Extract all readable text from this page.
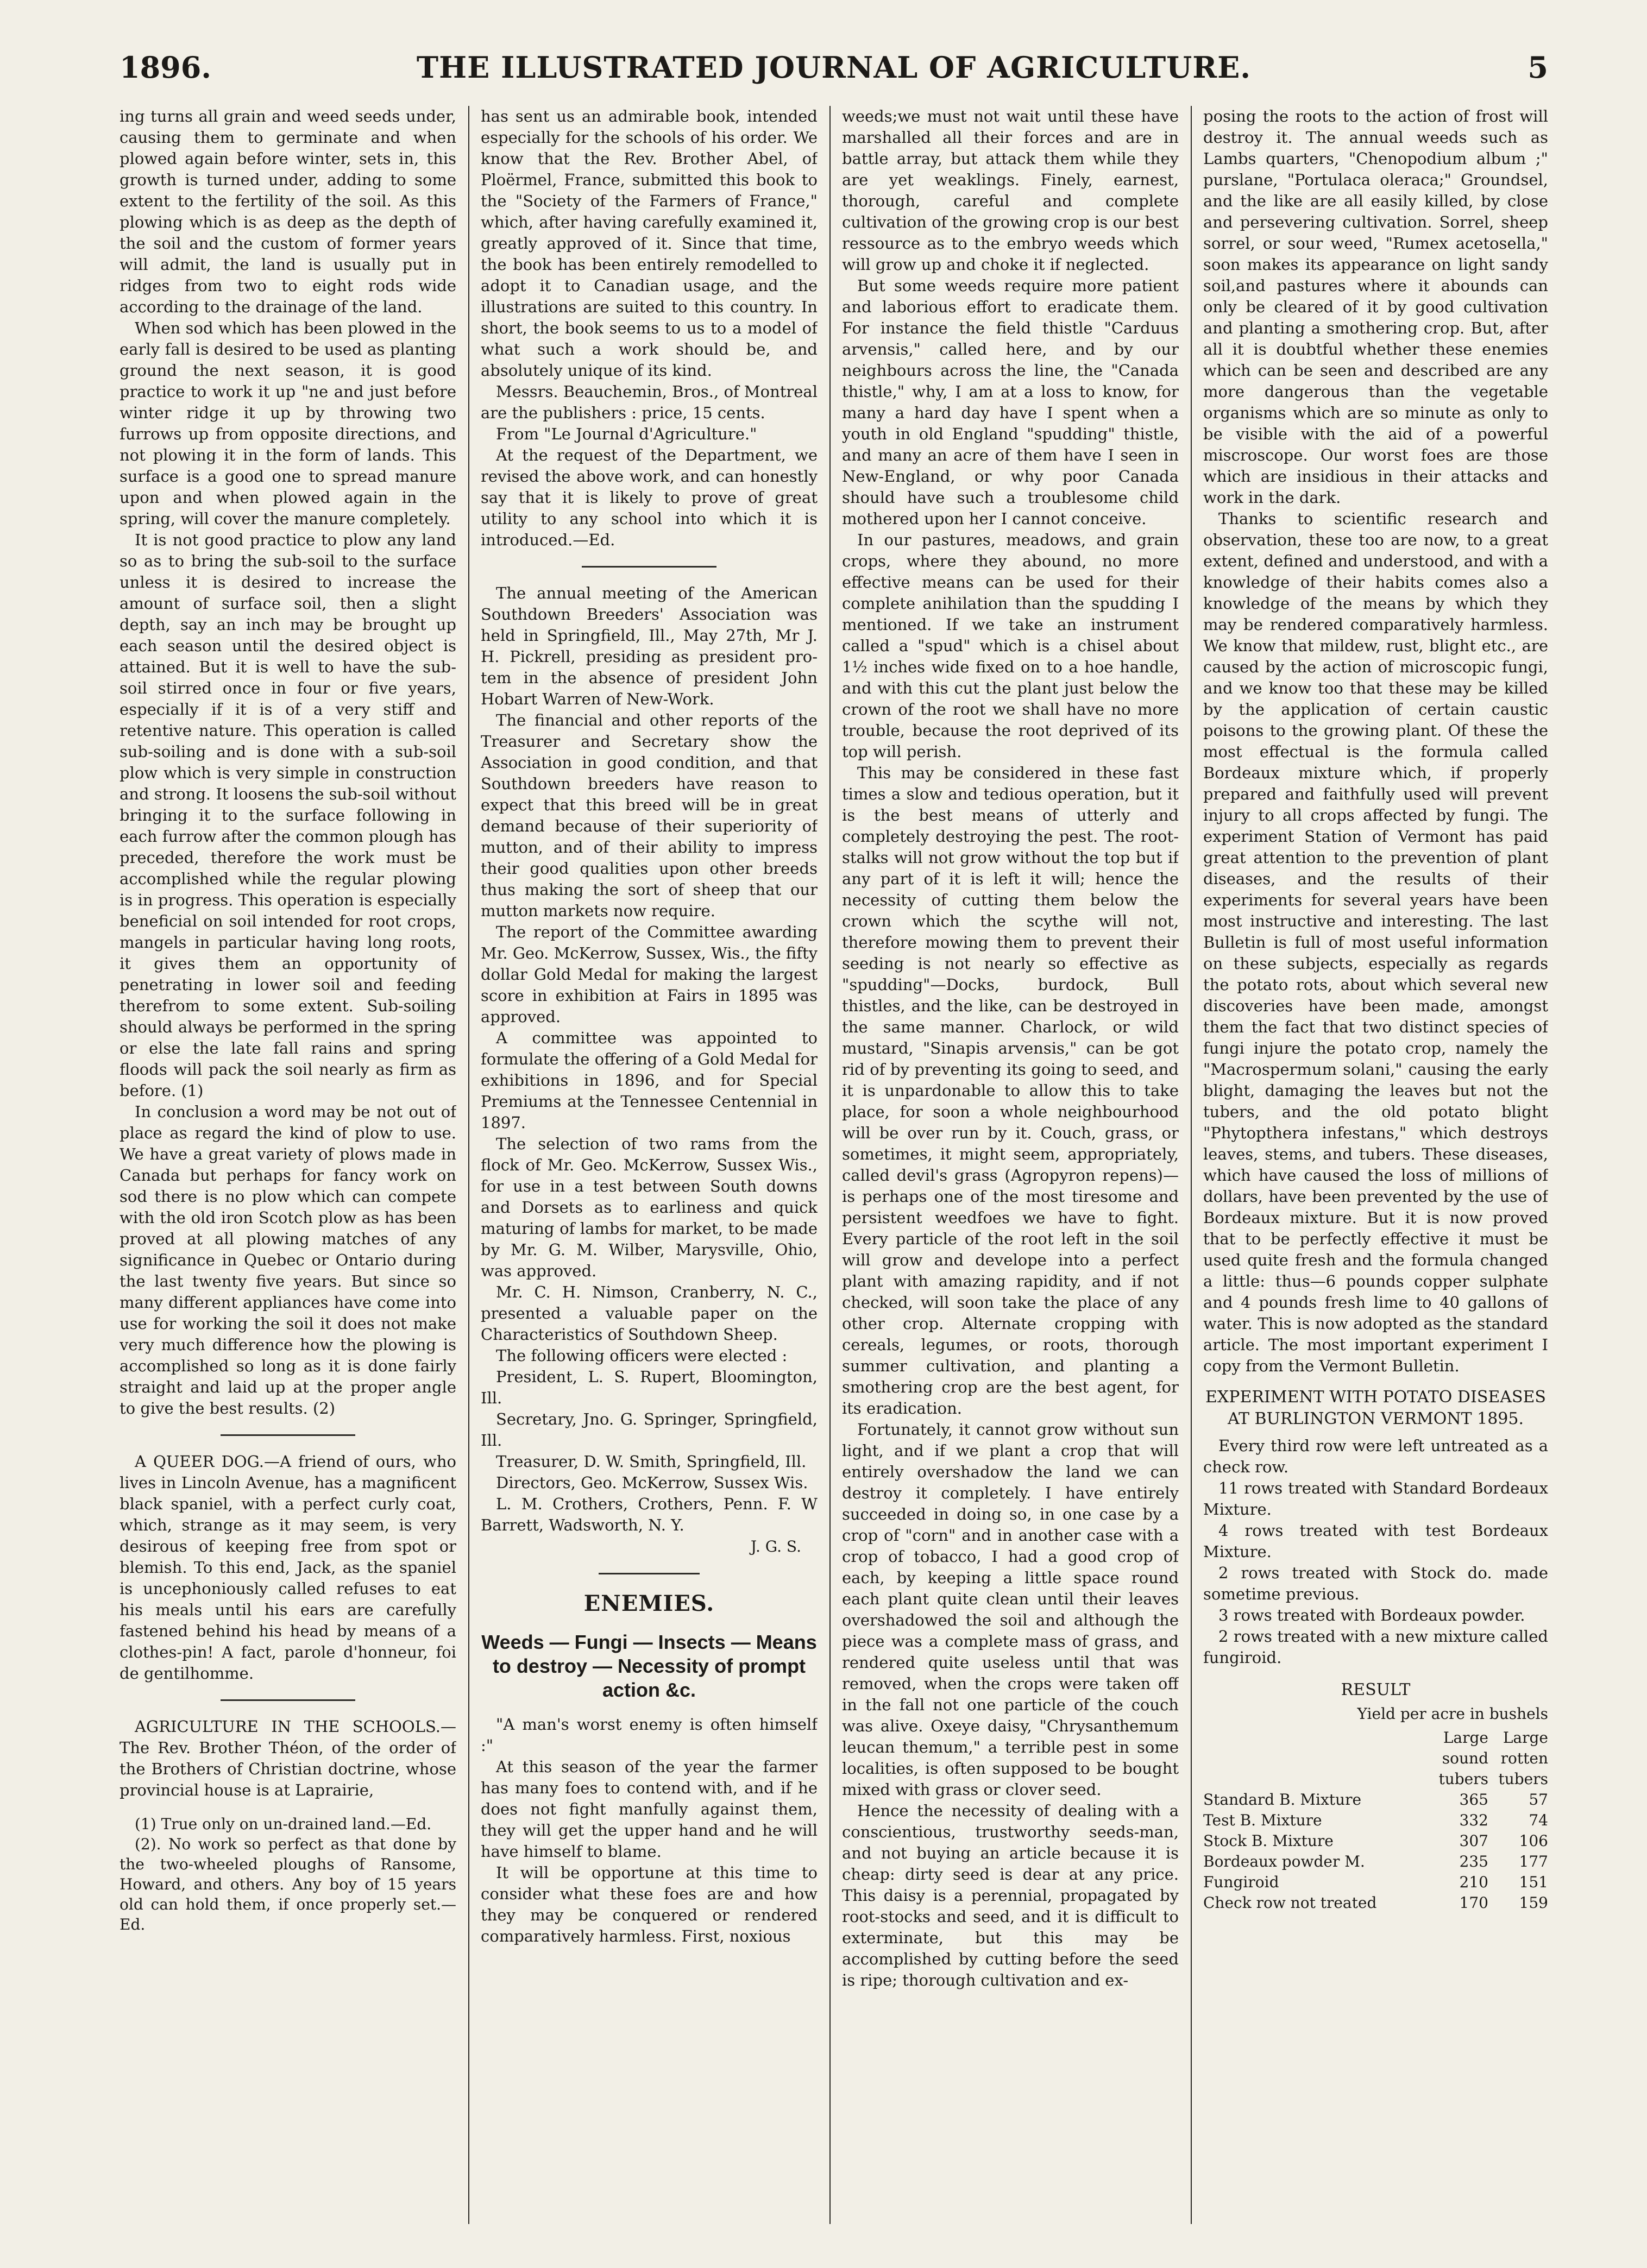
1896.	THE ILLUSTRATED JOURNAL OF AGRICULTURE.	5

ing turns all grain and weed seeds under, causing them to germinate and when plowed again before winter, sets in, this growth is turned under, adding to some extent to the fertility of the soil. As this plowing which is as deep as the depth of the soil and the custom of former years will admit, the land is usually put in ridges from two to eight rods wide according to the drainage of the land.

When sod which has been plowed in the early fall is desired to be used as planting ground the next season, it is good practice to work it up "ne and just before winter ridge it up by throwing two furrows up from opposite directions, and not plowing it in the form of lands. This surface is a good one to spread manure upon and when plowed again in the spring, will cover the manure completely.

It is not good practice to plow any land so as to bring the sub-soil to the surface unless it is desired to increase the amount of surface soil, then a slight depth, say an inch may be brought up each season until the desired object is attained. But it is well to have the sub-soil stirred once in four or five years, especially if it is of a very stiff and retentive nature. This operation is called sub-soiling and is done with a sub-soil plow which is very simple in construction and strong. It loosens the sub-soil without bringing it to the surface following in each furrow after the common plough has preceded, therefore the work must be accomplished while the regular plowing is in progress. This operation is especially beneficial on soil intended for root crops, mangels in particular having long roots, it gives them an opportunity of penetrating in lower soil and feeding therefrom to some extent. Sub-soiling should always be performed in the spring or else the late fall rains and spring floods will pack the soil nearly as firm as before. (1)

In conclusion a word may be not out of place as regard the kind of plow to use. We have a great variety of plows made in Canada but perhaps for fancy work on sod there is no plow which can compete with the old iron Scotch plow as has been proved at all plowing matches of any significance in Quebec or Ontario during the last twenty five years. But since so many different appliances have come into use for working the soil it does not make very much difference how the plowing is accomplished so long as it is done fairly straight and laid up at the proper angle to give the best results. (2)

A QUEER DOG.—A friend of ours, who lives in Lincoln Avenue, has a magnificent black spaniel, with a perfect curly coat, which, strange as it may seem, is very desirous of keeping free from spot or blemish. To this end, Jack, as the spaniel is uncephoniously called refuses to eat his meals until his ears are carefully fastened behind his head by means of a clothes-pin! A fact, parole d'honneur, foi de gentilhomme.

AGRICULTURE IN THE SCHOOLS.—The Rev. Brother Théon, of the order of the Brothers of Christian doctrine, whose provincial house is at Laprairie,

(1) True only on un-drained land.—Ed.

(2). No work so perfect as that done by the two-wheeled ploughs of Ransome, Howard, and others. Any boy of 15 years old can hold them, if once properly set.—Ed.

has sent us an admirable book, intended especially for the schools of his order. We know that the Rev. Brother Abel, of Ploërmel, France, submitted this book to the "Society of the Farmers of France," which, after having carefully examined it, greatly approved of it. Since that time, the book has been entirely remodelled to adopt it to Canadian usage, and the illustrations are suited to this country. In short, the book seems to us to a model of what such a work should be, and absolutely unique of its kind.

Messrs. Beauchemin, Bros., of Montreal are the publishers : price, 15 cents.

From "Le Journal d'Agriculture."

At the request of the Department, we revised the above work, and can honestly say that it is likely to prove of great utility to any school into which it is introduced.—Ed.

The annual meeting of the American Southdown Breeders' Association was held in Springfield, Ill., May 27th, Mr J. H. Pickrell, presiding as president pro-tem in the absence of president John Hobart Warren of New-Work.

The financial and other reports of the Treasurer and Secretary show the Association in good condition, and that Southdown breeders have reason to expect that this breed will be in great demand because of their superiority of mutton, and of their ability to impress their good qualities upon other breeds thus making the sort of sheep that our mutton markets now require.

The report of the Committee awarding Mr. Geo. McKerrow, Sussex, Wis., the fifty dollar Gold Medal for making the largest score in exhibition at Fairs in 1895 was approved.

A committee was appointed to formulate the offering of a Gold Medal for exhibitions in 1896, and for Special Premiums at the Tennessee Centennial in 1897.

The selection of two rams from the flock of Mr. Geo. McKerrow, Sussex Wis., for use in a test between South downs and Dorsets as to earliness and quick maturing of lambs for market, to be made by Mr. G. M. Wilber, Marysville, Ohio, was approved.

Mr. C. H. Nimson, Cranberry, N. C., presented a valuable paper on the Characteristics of Southdown Sheep.

The following officers were elected :

President, L. S. Rupert, Bloomington, Ill.

Secretary, Jno. G. Springer, Springfield, Ill.

Treasurer, D. W. Smith, Springfield, Ill.

Directors, Geo. McKerrow, Sussex Wis.

L. M. Crothers, Crothers, Penn. F. W Barrett, Wadsworth, N. Y.

J. G. S.
ENEMIES.
Weeds — Fungi — Insects — Means to destroy — Necessity of prompt action &c.

"A man's worst enemy is often himself :"

At this season of the year the farmer has many foes to contend with, and if he does not fight manfully against them, they will get the upper hand and he will have himself to blame.

It will be opportune at this time to consider what these foes are and how they may be conquered or rendered comparatively harmless. First, noxious

weeds;we must not wait until these have marshalled all their forces and are in battle array, but attack them while they are yet weaklings. Finely, earnest, thorough, careful and complete cultivation of the growing crop is our best ressource as to the embryo weeds which will grow up and choke it if neglected.

But some weeds require more patient and laborious effort to eradicate them. For instance the field thistle "Carduus arvensis," called here, and by our neighbours across the line, the "Canada thistle," why, I am at a loss to know, for many a hard day have I spent when a youth in old England "spudding" thistle, and many an acre of them have I seen in New-England, or why poor Canada should have such a troublesome child mothered upon her I cannot conceive.

In our pastures, meadows, and grain crops, where they abound, no more effective means can be used for their complete anihilation than the spudding I mentioned. If we take an instrument called a "spud" which is a chisel about 1½ inches wide fixed on to a hoe handle, and with this cut the plant just below the crown of the root we shall have no more trouble, because the root deprived of its top will perish.

This may be considered in these fast times a slow and tedious operation, but it is the best means of utterly and completely destroying the pest. The root-stalks will not grow without the top but if any part of it is left it will; hence the necessity of cutting them below the crown which the scythe will not, therefore mowing them to prevent their seeding is not nearly so effective as "spudding"—Docks, burdock, Bull thistles, and the like, can be destroyed in the same manner. Charlock, or wild mustard, "Sinapis arvensis," can be got rid of by preventing its going to seed, and it is unpardonable to allow this to take place, for soon a whole neighbourhood will be over run by it. Couch, grass, or sometimes, it might seem, appropriately, called devil's grass (Agropyron repens)—is perhaps one of the most tiresome and persistent weedfoes we have to fight. Every particle of the root left in the soil will grow and develope into a perfect plant with amazing rapidity, and if not checked, will soon take the place of any other crop. Alternate cropping with cereals, legumes, or roots, thorough summer cultivation, and planting a smothering crop are the best agent, for its eradication.

Fortunately, it cannot grow without sun light, and if we plant a crop that will entirely overshadow the land we can destroy it completely. I have entirely succeeded in doing so, in one case by a crop of "corn" and in another case with a crop of tobacco, I had a good crop of each, by keeping a little space round each plant quite clean until their leaves overshadowed the soil and although the piece was a complete mass of grass, and rendered quite useless until that was removed, when the crops were taken off in the fall not one particle of the couch was alive. Oxeye daisy, "Chrysanthemum leucan themum," a terrible pest in some localities, is often supposed to be bought mixed with grass or clover seed.

Hence the necessity of dealing with a conscientious, trustworthy seeds-man, and not buying an article because it is cheap: dirty seed is dear at any price. This daisy is a perennial, propagated by root-stocks and seed, and it is difficult to exterminate, but this may be accomplished by cutting before the seed is ripe; thorough cultivation and ex-

posing the roots to the action of frost will destroy it. The annual weeds such as Lambs quarters, "Chenopodium album ;" purslane, "Portulaca oleraca;" Groundsel, and the like are all easily killed, by close and persevering cultivation. Sorrel, sheep sorrel, or sour weed, "Rumex acetosella," soon makes its appearance on light sandy soil,and pastures where it abounds can only be cleared of it by good cultivation and planting a smothering crop. But, after all it is doubtful whether these enemies which can be seen and described are any more dangerous than the vegetable organisms which are so minute as only to be visible with the aid of a powerful miscroscope. Our worst foes are those which are insidious in their attacks and work in the dark.

Thanks to scientific research and observation, these too are now, to a great extent, defined and understood, and with a knowledge of their habits comes also a knowledge of the means by which they may be rendered comparatively harmless. We know that mildew, rust, blight etc., are caused by the action of microscopic fungi, and we know too that these may be killed by the application of certain caustic poisons to the growing plant. Of these the most effectual is the formula called Bordeaux mixture which, if properly prepared and faithfully used will prevent injury to all crops affected by fungi. The experiment Station of Vermont has paid great attention to the prevention of plant diseases, and the results of their experiments for several years have been most instructive and interesting. The last Bulletin is full of most useful information on these subjects, especially as regards the potato rots, about which several new discoveries have been made, amongst them the fact that two distinct species of fungi injure the potato crop, namely the "Macrospermum solani," causing the early blight, damaging the leaves but not the tubers, and the old potato blight "Phytopthera infestans," which destroys leaves, stems, and tubers. These diseases, which have caused the loss of millions of dollars, have been prevented by the use of Bordeaux mixture. But it is now proved that to be perfectly effective it must be used quite fresh and the formula changed a little: thus—6 pounds copper sulphate and 4 pounds fresh lime to 40 gallons of water. This is now adopted as the standard article. The most important experiment I copy from the Vermont Bulletin.

EXPERIMENT WITH POTATO DISEASES AT BURLINGTON VERMONT 1895.

Every third row were left untreated as a check row.

11 rows treated with Standard Bordeaux Mixture.

4 rows treated with test Bordeaux Mixture.

2 rows treated with Stock do. made sometime previous.

3 rows treated with Bordeaux powder.

2 rows treated with a new mixture called fungiroid.

RESULT
Yield per acre in bushels
	Large sound tubers	Large rotten tubers
Standard B. Mixture	365	57
Test B. Mixture	332	74
Stock B. Mixture	307	106
Bordeaux powder M.	235	177
Fungiroid	210	151
Check row not treated	170	159
